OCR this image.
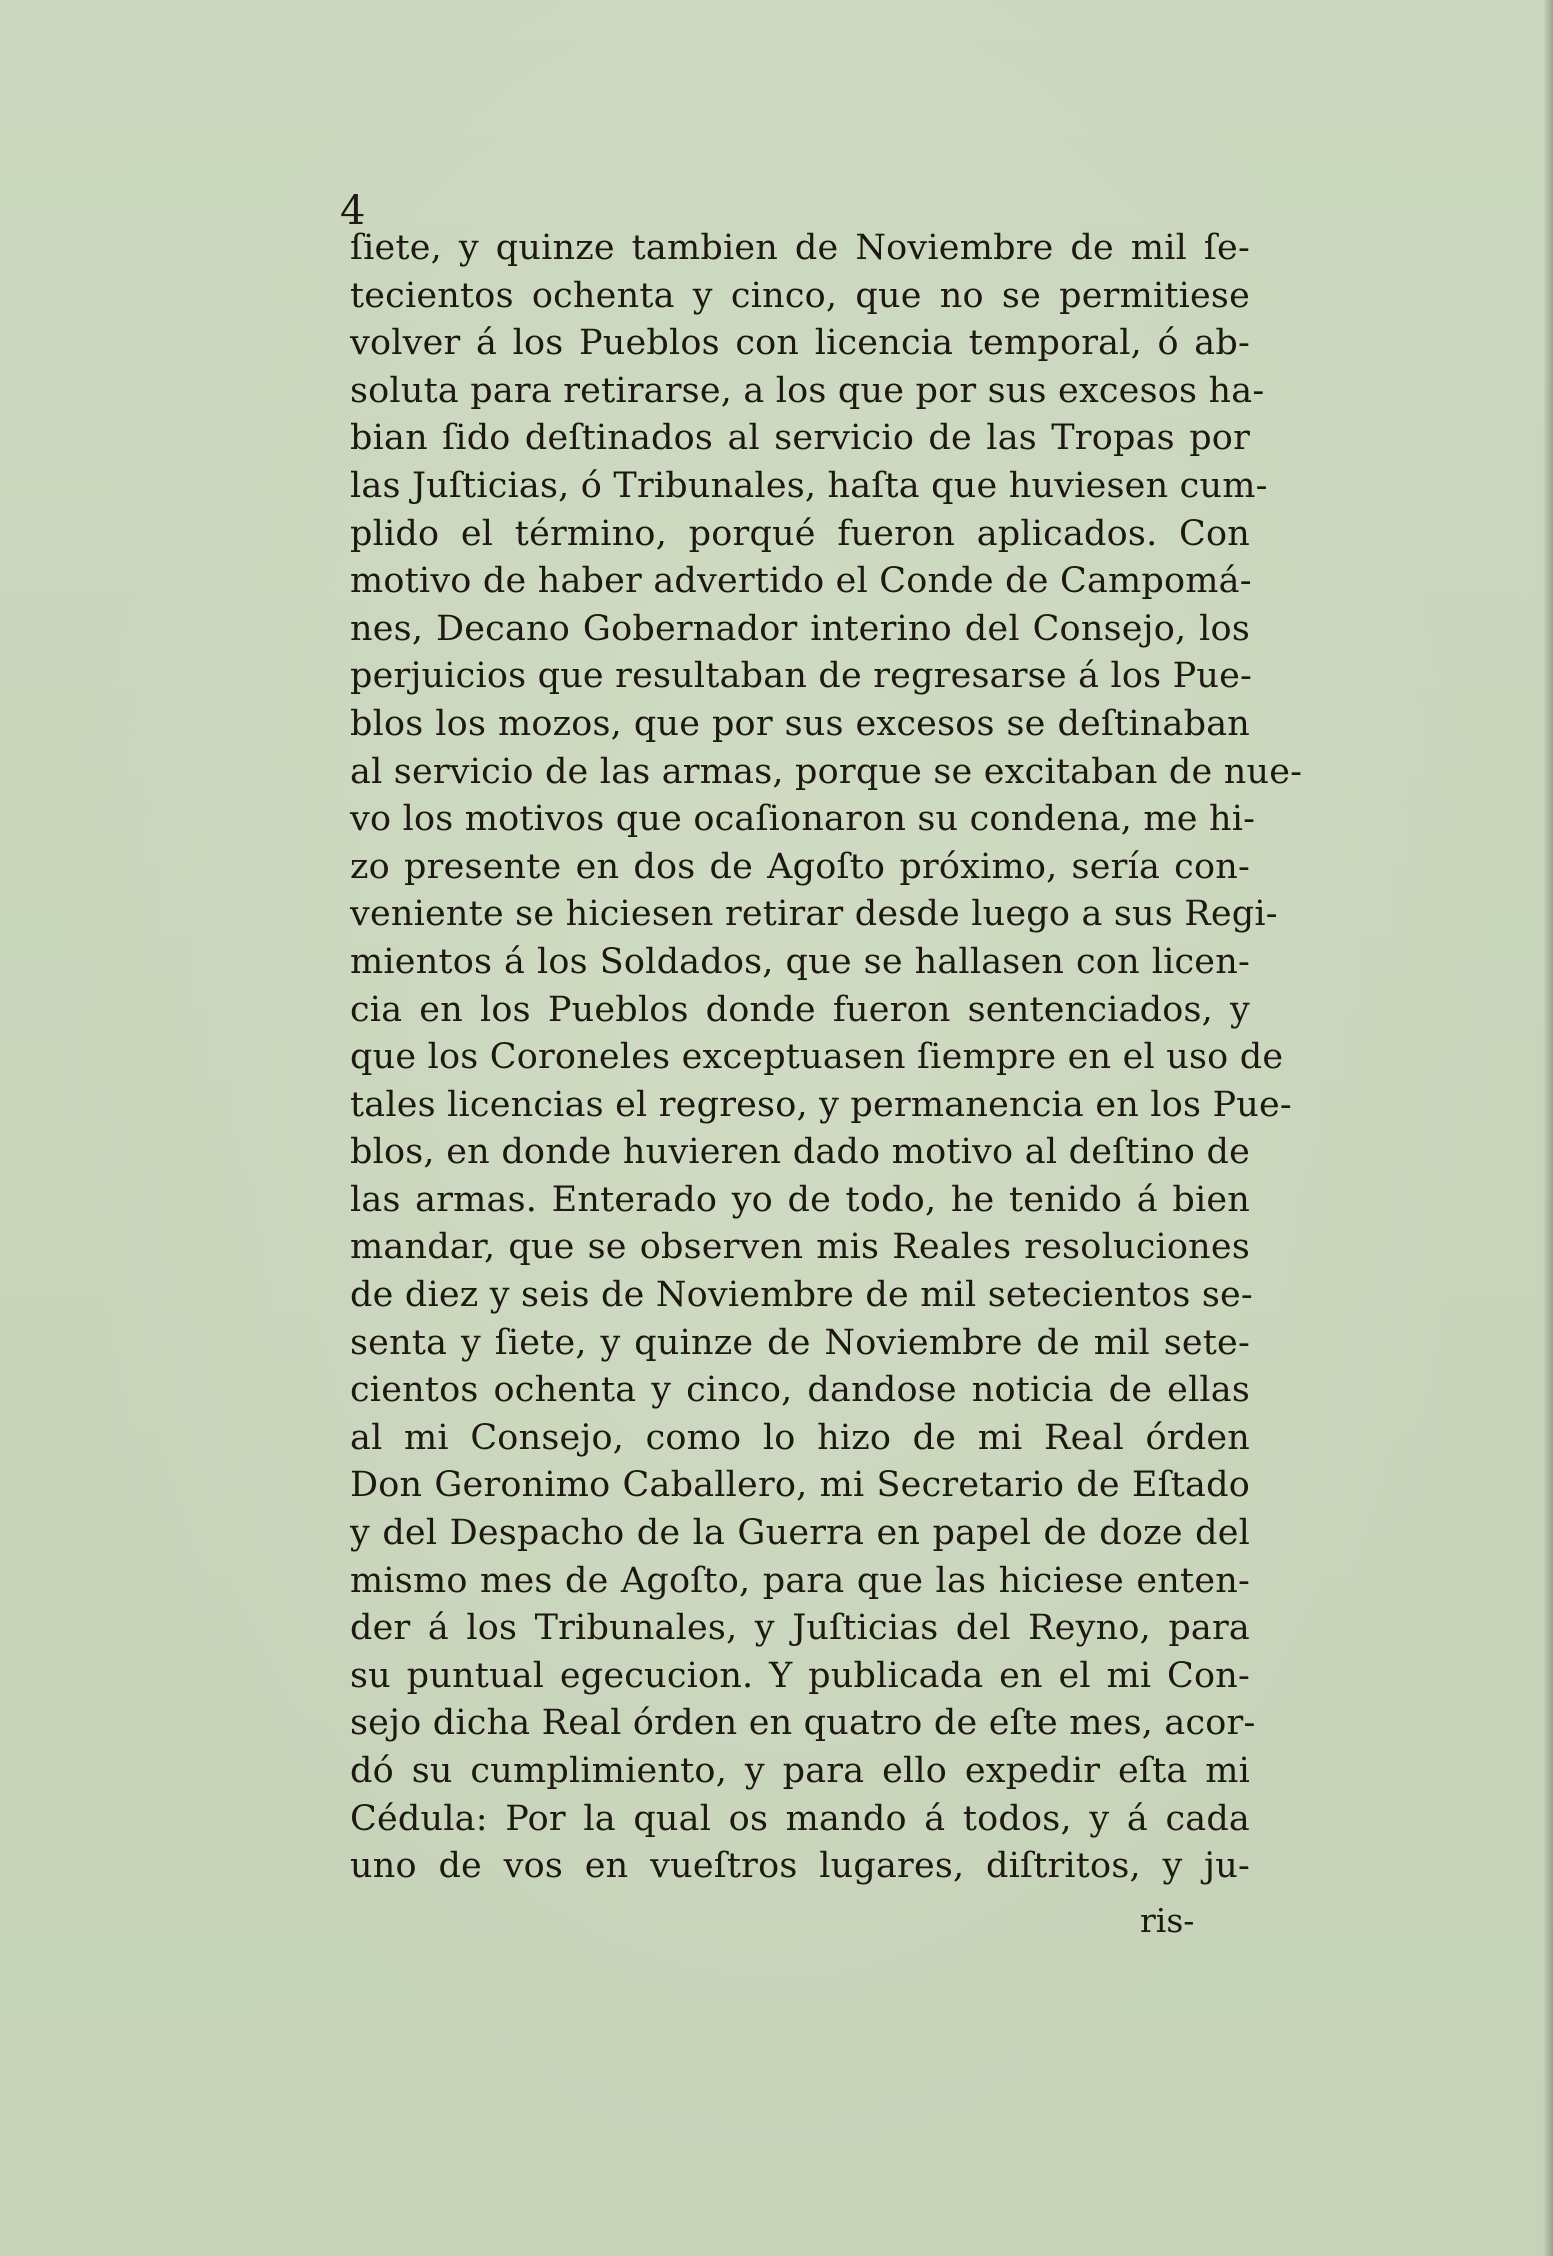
4
ſiete, y quinze tambien de Noviembre de mil ſe-
tecientos ochenta y cinco, que no se permitiese
volver á los Pueblos con licencia temporal, ó ab-
soluta para retirarse, a los que por sus excesos ha-
bian ſido deſtinados al servicio de las Tropas por
las Juſticias, ó Tribunales, haſta que huviesen cum-
plido el término, porqué fueron aplicados. Con
motivo de haber advertido el Conde de Campomá-
nes, Decano Gobernador interino del Consejo, los
perjuicios que resultaban de regresarse á los Pue-
blos los mozos, que por sus excesos se deſtinaban
al servicio de las armas, porque se excitaban de nue-
vo los motivos que ocaſionaron su condena, me hi-
zo presente en dos de Agoſto próximo, sería con-
veniente se hiciesen retirar desde luego a sus Regi-
mientos á los Soldados, que se hallasen con licen-
cia en los Pueblos donde fueron sentenciados, y
que los Coroneles exceptuasen ſiempre en el uso de
tales licencias el regreso, y permanencia en los Pue-
blos, en donde huvieren dado motivo al deſtino de
las armas. Enterado yo de todo, he tenido á bien
mandar, que se observen mis Reales resoluciones
de diez y seis de Noviembre de mil setecientos se-
senta y ſiete, y quinze de Noviembre de mil sete-
cientos ochenta y cinco, dandose noticia de ellas
al mi Consejo, como lo hizo de mi Real órden
Don Geronimo Caballero, mi Secretario de Eſtado
y del Despacho de la Guerra en papel de doze del
mismo mes de Agoſto, para que las hiciese enten-
der á los Tribunales, y Juſticias del Reyno, para
su puntual egecucion. Y publicada en el mi Con-
sejo dicha Real órden en quatro de eſte mes, acor-
dó su cumplimiento, y para ello expedir eſta mi
Cédula: Por la qual os mando á todos, y á cada
uno de vos en vueſtros lugares, diſtritos, y ju-
ris-
